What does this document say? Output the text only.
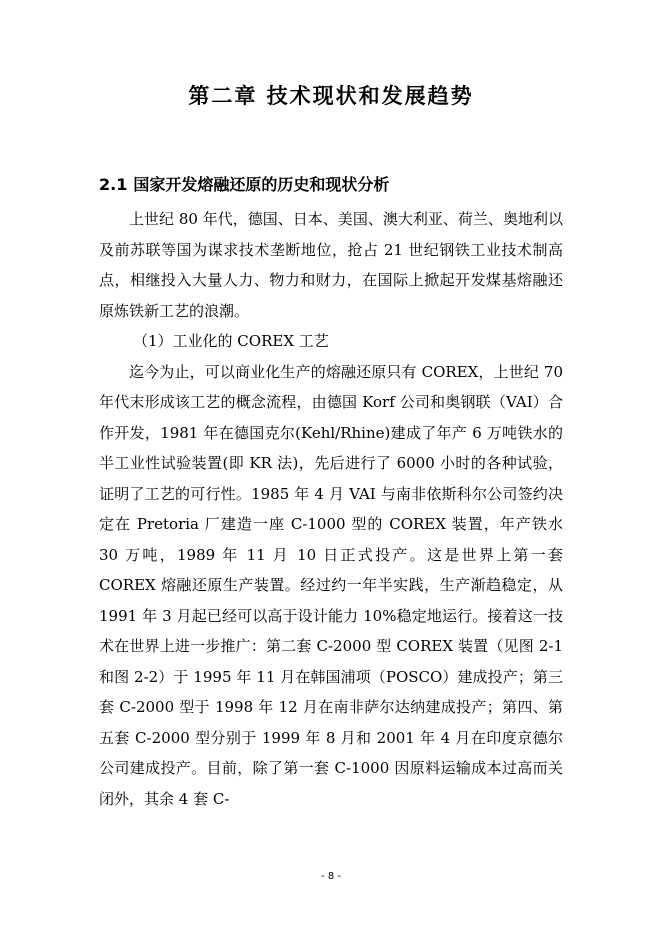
第二章 技术现状和发展趋势
2.1 国家开发熔融还原的历史和现状分析

上世纪 80 年代，德国、日本、美国、澳大利亚、荷兰、奥地利以及前苏联等国为谋求技术垄断地位，抢占 21 世纪钢铁工业技术制高点，相继投入大量人力、物力和财力，在国际上掀起开发煤基熔融还原炼铁新工艺的浪潮。

（1）工业化的 COREX 工艺

迄今为止，可以商业化生产的熔融还原只有 COREX，上世纪 70 年代末形成该工艺的概念流程，由德国 Korf 公司和奥钢联（VAI）合作开发，1981 年在德国克尔(Kehl/Rhine)建成了年产 6 万吨铁水的半工业性试验装置(即 KR 法)，先后进行了 6000 小时的各种试验，证明了工艺的可行性。1985 年 4 月 VAI 与南非依斯科尔公司签约决定在 Pretoria 厂建造一座 C-1000 型的 COREX 装置，年产铁水 30 万吨，1989 年 11 月 10 日正式投产。这是世界上第一套 COREX 熔融还原生产装置。经过约一年半实践，生产渐趋稳定，从 1991 年 3 月起已经可以高于设计能力 10%稳定地运行。接着这一技术在世界上进一步推广：第二套 C-2000 型 COREX 装置（见图 2-1 和图 2-2）于 1995 年 11 月在韩国浦项（POSCO）建成投产；第三套 C-2000 型于 1998 年 12 月在南非萨尔达纳建成投产；第四、第五套 C-2000 型分别于 1999 年 8 月和 2001 年 4 月在印度京德尔公司建成投产。目前，除了第一套 C-1000 因原料运输成本过高而关闭外，其余 4 套 C-

- 8 -
